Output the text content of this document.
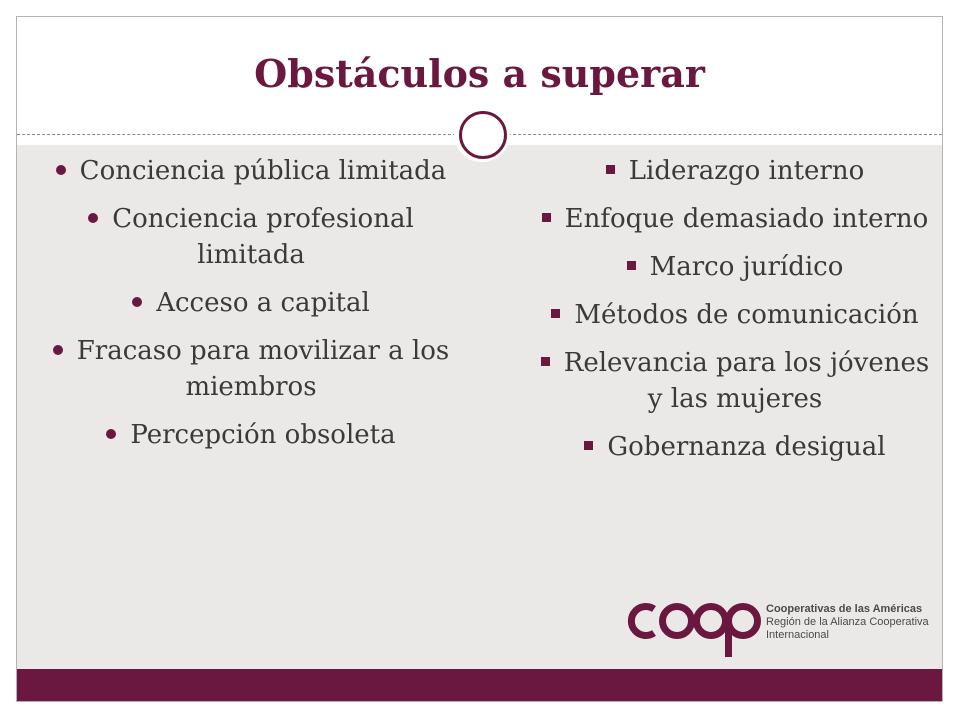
Obstáculos a superar
Conciencia pública limitada
Conciencia profesional limitada
Acceso a capital
Fracaso para movilizar a los miembros
Percepción obsoleta
Liderazgo interno
Enfoque demasiado interno
Marco jurídico
Métodos de comunicación
Relevancia para los jóvenes y las mujeres
Gobernanza desigual
Cooperativas de las Américas
Región de la Alianza Cooperativa
Internacional
